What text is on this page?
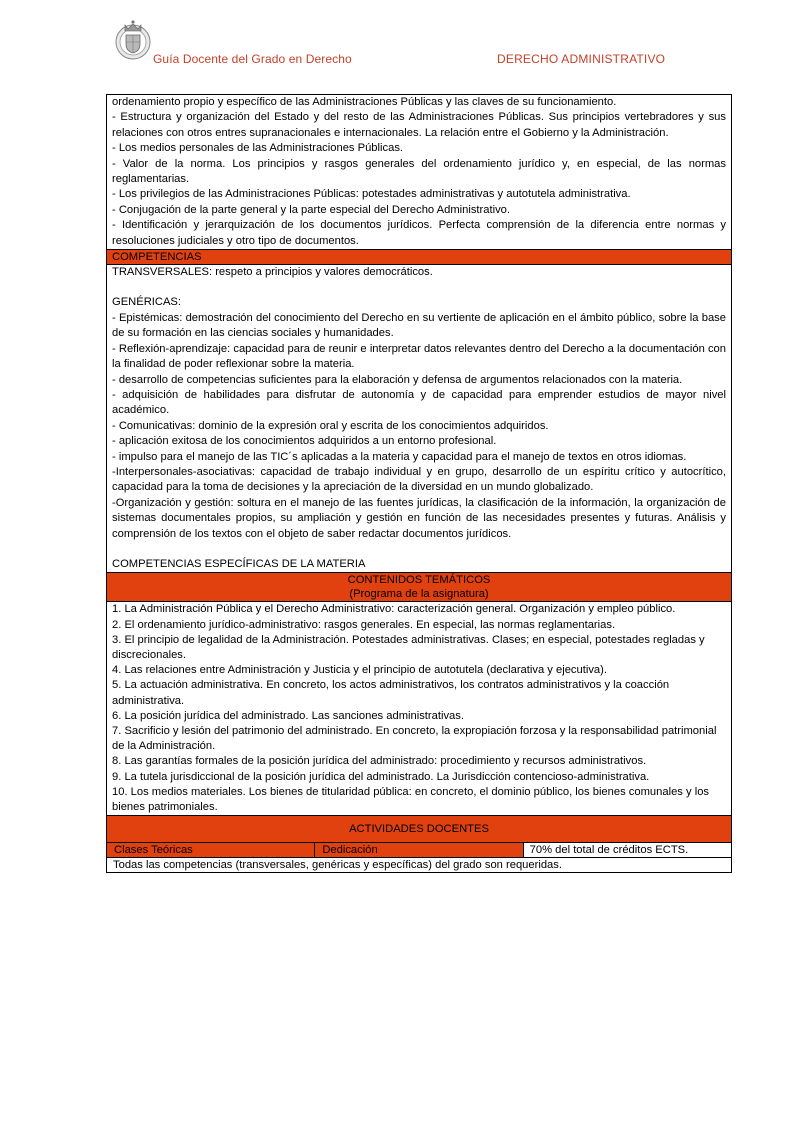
Guía Docente del Grado en Derecho	DERECHO ADMINISTRATIVO
ordenamiento propio y específico de las Administraciones Públicas y las claves de su funcionamiento.
- Estructura y organización del Estado y del resto de las Administraciones Públicas. Sus principios vertebradores y sus relaciones con otros entres supranacionales e internacionales. La relación entre el Gobierno y la Administración.
- Los medios personales de las Administraciones Públicas.
- Valor de la norma. Los principios y rasgos generales del ordenamiento jurídico y, en especial, de las normas reglamentarias.
- Los privilegios de las Administraciones Públicas: potestades administrativas y autotutela administrativa.
- Conjugación de la parte general y la parte especial del Derecho Administrativo.
- Identificación y jerarquización de los documentos jurídicos. Perfecta comprensión de la diferencia entre normas y resoluciones judiciales y otro tipo de documentos.

COMPETENCIAS

TRANSVERSALES: respeto a principios y valores democráticos.
GENÉRICAS:
- Epistémicas: demostración del conocimiento del Derecho en su vertiente de aplicación en el ámbito público, sobre la base de su formación en las ciencias sociales y humanidades.
- Reflexión-aprendizaje: capacidad para de reunir e interpretar datos relevantes dentro del Derecho a la documentación con la finalidad de poder reflexionar sobre la materia.
- desarrollo de competencias suficientes para la elaboración y defensa de argumentos relacionados con la materia.
- adquisición de habilidades para disfrutar de autonomía y de capacidad para emprender estudios de mayor nivel académico.
- Comunicativas: dominio de la expresión oral y escrita de los conocimientos adquiridos.
- aplicación exitosa de los conocimientos adquiridos a un entorno profesional.
- impulso para el manejo de las TIC´s aplicadas a la materia y capacidad para el manejo de textos en otros idiomas.
-Interpersonales-asociativas: capacidad de trabajo individual y en grupo, desarrollo de un espíritu crítico y autocrítico, capacidad para la toma de decisiones y la apreciación de la diversidad en un mundo globalizado.
-Organización y gestión: soltura en el manejo de las fuentes jurídicas, la clasificación de la información, la organización de sistemas documentales propios, su ampliación y gestión en función de las necesidades presentes y futuras. Análisis y comprensión de los textos con el objeto de saber redactar documentos jurídicos.
COMPETENCIAS ESPECÍFICAS DE LA MATERIA

CONTENIDOS TEMÁTICOS
(Programa de la asignatura)

1. La Administración Pública y el Derecho Administrativo: caracterización general. Organización y empleo público.
2. El ordenamiento jurídico-administrativo: rasgos generales. En especial, las normas reglamentarias.
3. El principio de legalidad de la Administración. Potestades administrativas. Clases; en especial, potestades regladas y discrecionales.
4. Las relaciones entre Administración y Justicia y el principio de autotutela (declarativa y ejecutiva).
5. La actuación administrativa. En concreto, los actos administrativos, los contratos administrativos y la coacción administrativa.
6. La posición jurídica del administrado. Las sanciones administrativas.
7. Sacrificio y lesión del patrimonio del administrado. En concreto, la expropiación forzosa y la responsabilidad patrimonial de la Administración.
8. Las garantías formales de la posición jurídica del administrado: procedimiento y recursos administrativos.
9. La tutela jurisdiccional de la posición jurídica del administrado. La Jurisdicción contencioso-administrativa.
10. Los medios materiales. Los bienes de titularidad pública: en concreto, el dominio público, los bienes comunales y los bienes patrimoniales.
ACTIVIDADES DOCENTES
Clases Teóricas	Dedicación	70% del total de créditos ECTS.
Todas las competencias (transversales, genéricas y específicas) del grado son requeridas.
